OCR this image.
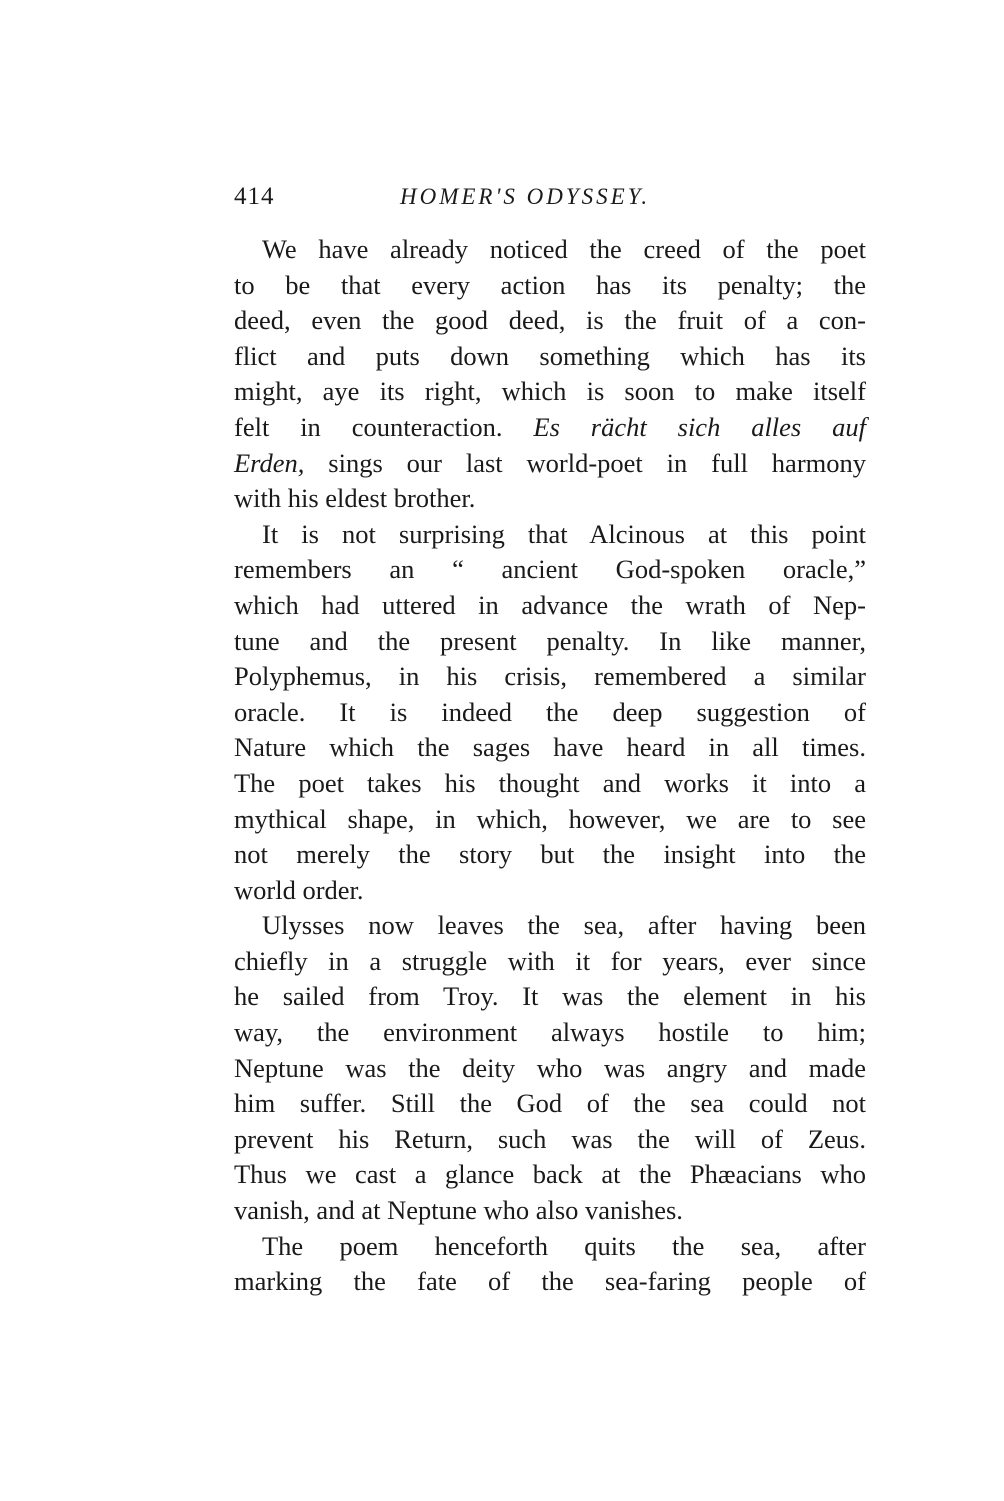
414	HOMER'S ODYSSEY.

We have already noticed the creed of the poet
to be that every action has its penalty; the
deed, even the good deed, is the fruit of a con-
flict and puts down something which has its
might, aye its right, which is soon to make itself
felt in counteraction. Es rächt sich alles auf
Erden, sings our last world-poet in full harmony
with his eldest brother.

It is not surprising that Alcinous at this point
remembers an “ ancient God-spoken oracle,”
which had uttered in advance the wrath of Nep-
tune and the present penalty. In like manner,
Polyphemus, in his crisis, remembered a similar
oracle. It is indeed the deep suggestion of
Nature which the sages have heard in all times.
The poet takes his thought and works it into a
mythical shape, in which, however, we are to see
not merely the story but the insight into the
world order.

Ulysses now leaves the sea, after having been
chiefly in a struggle with it for years, ever since
he sailed from Troy. It was the element in his
way, the environment always hostile to him;
Neptune was the deity who was angry and made
him suffer. Still the God of the sea could not
prevent his Return, such was the will of Zeus.
Thus we cast a glance back at the Phæacians who
vanish, and at Neptune who also vanishes.

The poem henceforth quits the sea, after
marking the fate of the sea-faring people of
